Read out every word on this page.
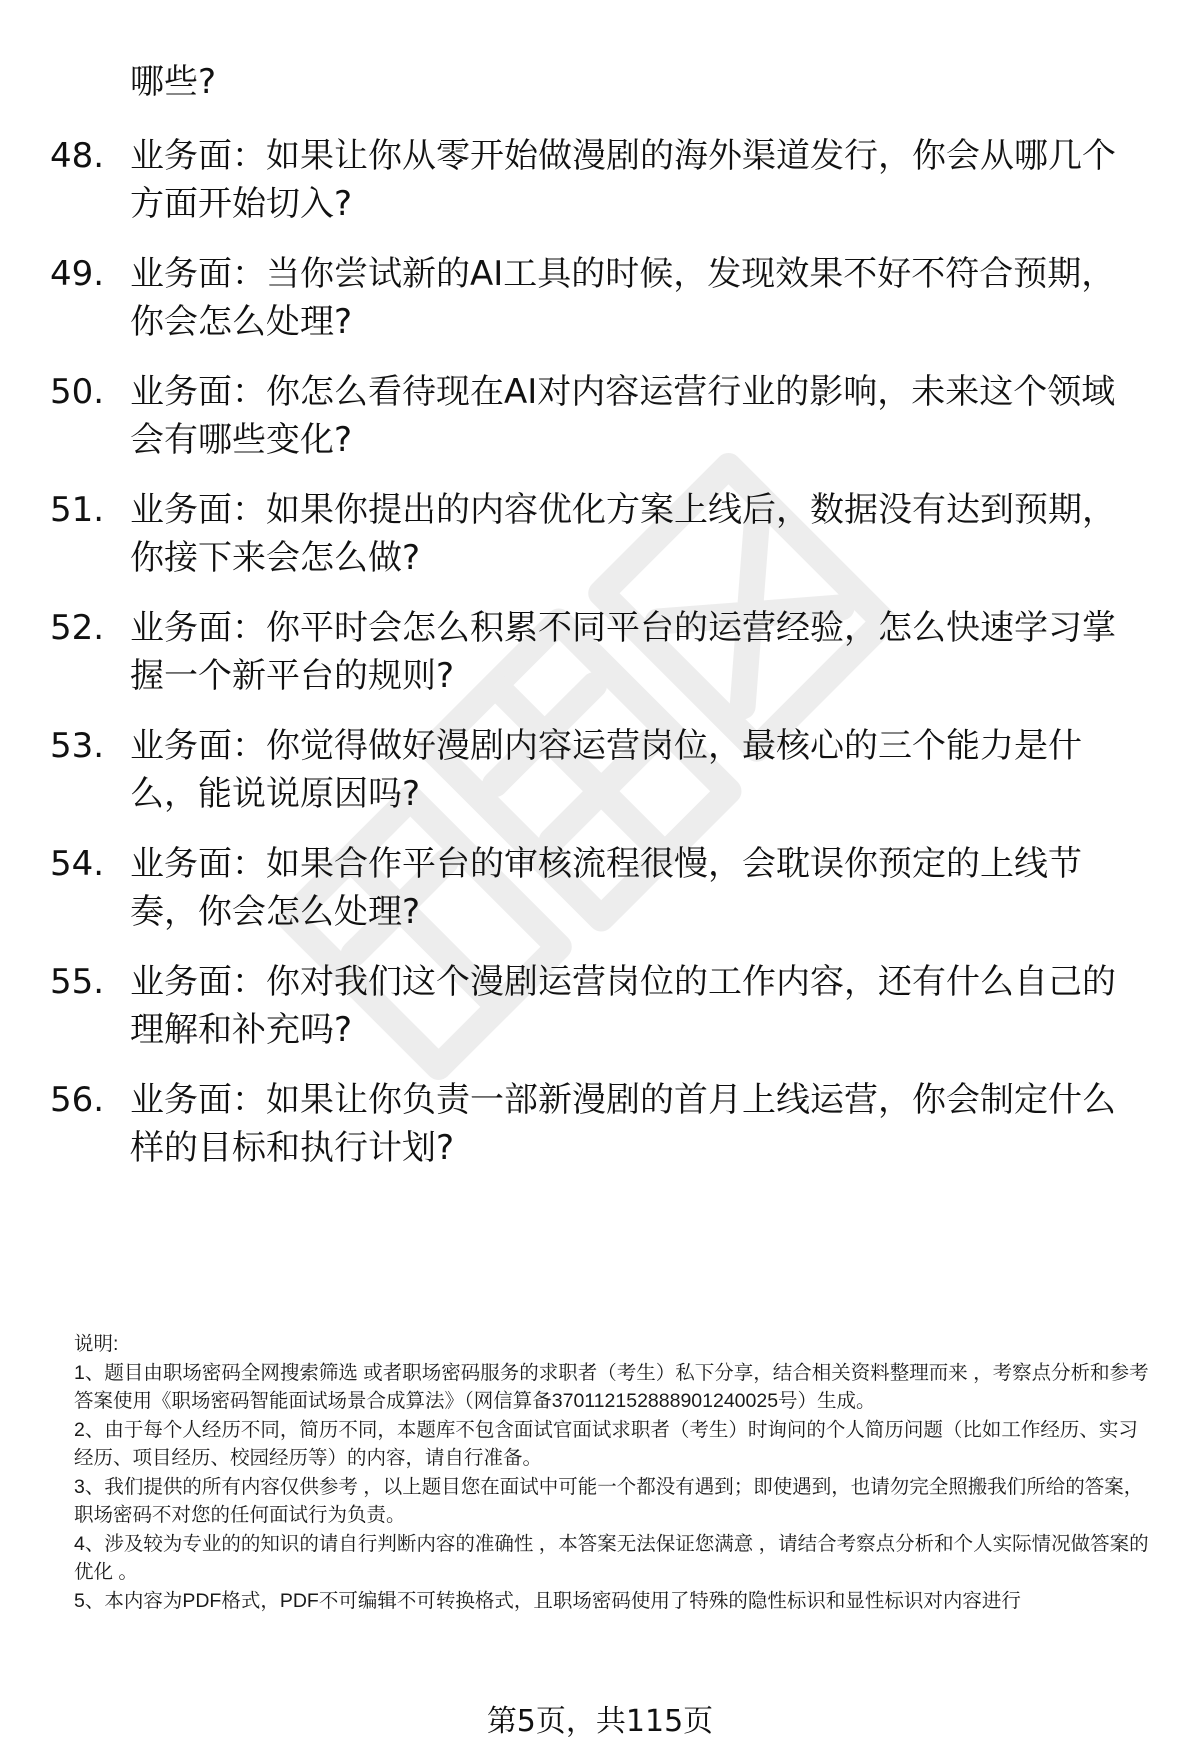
哪些?
48. 业务面：如果让你从零开始做漫剧的海外渠道发行，你会从哪几个方面开始切入?
49. 业务面：当你尝试新的AI工具的时候，发现效果不好不符合预期，你会怎么处理?
50. 业务面：你怎么看待现在AI对内容运营行业的影响，未来这个领域会有哪些变化?
51. 业务面：如果你提出的内容优化方案上线后，数据没有达到预期，你接下来会怎么做?
52. 业务面：你平时会怎么积累不同平台的运营经验，怎么快速学习掌握一个新平台的规则?
53. 业务面：你觉得做好漫剧内容运营岗位，最核心的三个能力是什么，能说说原因吗?
54. 业务面：如果合作平台的审核流程很慢，会耽误你预定的上线节奏，你会怎么处理?
55. 业务面：你对我们这个漫剧运营岗位的工作内容，还有什么自己的理解和补充吗?
56. 业务面：如果让你负责一部新漫剧的首月上线运营，你会制定什么样的目标和执行计划?

说明:

1、题目由职场密码全网搜索筛选 或者职场密码服务的求职者（考生）私下分享，结合相关资料整理而来 ，考察点分析和参考答案使用《职场密码智能面试场景合成算法》（网信算备370112152888901240025号）生成。

2、由于每个人经历不同，简历不同，本题库不包含面试官面试求职者（考生）时询问的个人简历问题（比如工作经历、实习经历、项目经历、校园经历等）的内容，请自行准备。

3、我们提供的所有内容仅供参考 ，以上题目您在面试中可能一个都没有遇到；即使遇到，也请勿完全照搬我们所给的答案，职场密码不对您的任何面试行为负责。

4、涉及较为专业的的知识的请自行判断内容的准确性 ，本答案无法保证您满意 ，请结合考察点分析和个人实际情况做答案的优化 。

5、本内容为PDF格式，PDF不可编辑不可转换格式，且职场密码使用了特殊的隐性标识和显性标识对内容进行

第5页，共115页
